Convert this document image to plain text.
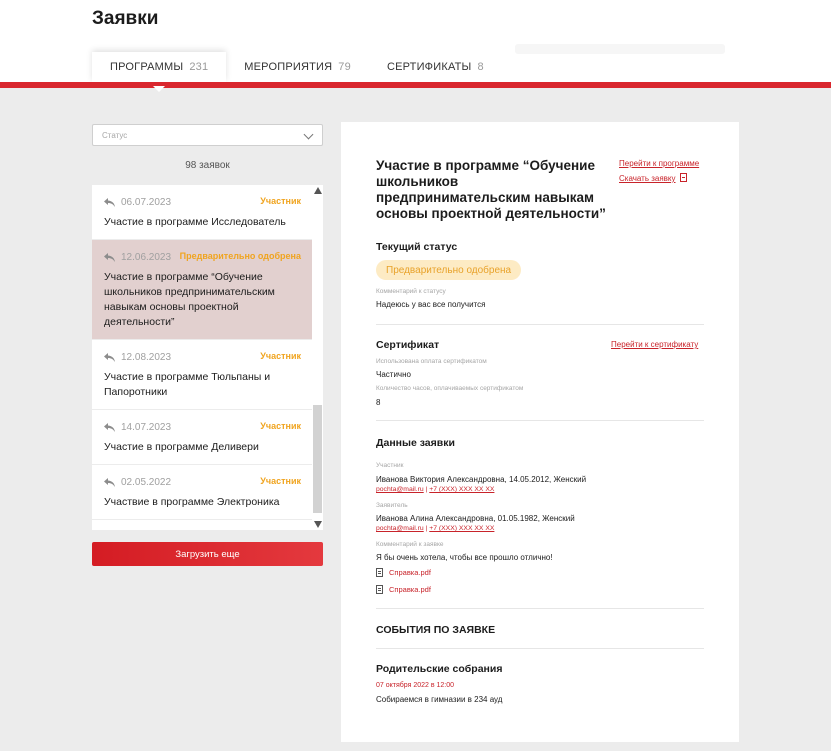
Заявки
ПРОГРАММЫ 231	МЕРОПРИЯТИЯ 79	СЕРТИФИКАТЫ 8
Статус
98 заявок
06.07.2023	Участник
Участие в программе Исследователь
12.06.2023 Предварительно одобрена
Участие в программе “Обучение школьников предпринимательским навыкам основы проектной деятельности”
12.08.2023	Участник
Участие в программе Тюльпаны и Папоротники
14.07.2023	Участник
Участие в программе Деливери
02.05.2022	Участник
Участвие в программе Электроника
Загрузить еще
Участие в программе “Обучение школьников предпринимательским навыкам основы проектной деятельности”
Перейти к программе
Скачать заявку
Текущий статус
Предварительно одобрена
Комментарий к статусу
Надеюсь у вас все получится
Сертификат	Перейти к сертификату
Использована оплата сертификатом
Частично
Количество часов, оплачиваемых сертификатом
8
Данные заявки
Участник
Иванова Виктория Александровна, 14.05.2012, Женский
pochta@mail.ru | +7 (XXX) XXX XX XX
Заявитель
Иванова Алина Александровна, 01.05.1982, Женский
pochta@mail.ru | +7 (XXX) XXX XX XX
Комментарий к заявке
Я бы очень хотела, чтобы все прошло отлично!
Справка.pdf
Справка.pdf
СОБЫТИЯ ПО ЗАЯВКЕ
Родительские собрания
07 октября 2022 в 12:00
Собираемся в гимназии в 234 ауд
